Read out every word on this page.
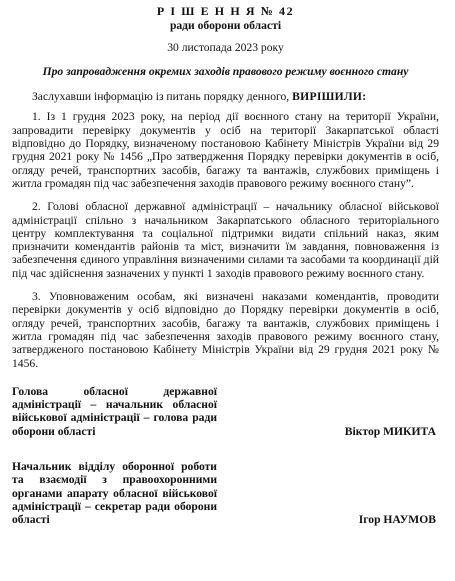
Р І Ш Е Н Н Я № 42
ради оборони області
30 листопада 2023 року
Про запровадження окремих заходів правового режиму воєнного стану
Заслухавши інформацію із питань порядку денного, ВИРІШИЛИ:
1. Із 1 грудня 2023 року, на період дії воєнного стану на території України, запровадити перевірку документів у осіб на території Закарпатської області відповідно до Порядку, визначеному постановою Кабінету Міністрів України від 29 грудня 2021 року № 1456 „Про затвердження Порядку перевірки документів в осіб, огляду речей, транспортних засобів, багажу та вантажів, службових приміщень і житла громадян під час забезпечення заходів правового режиму воєнного стану”.
2. Голові обласної державної адміністрації – начальнику обласної військової адміністрації спільно з начальником Закарпатського обласного територіального центру комплектування та соціальної підтримки видати спільний наказ, яким призначити комендантів районів та міст, визначити їм завдання, повноваження із забезпечення єдиного управління визначеними силами та засобами та координації дій під час здійснення зазначених у пункті 1 заходів правового режиму воєнного стану.
3. Уповноваженим особам, які визначені наказами комендантів, проводити перевірки документів у осіб відповідно до Порядку перевірки документів в осіб, огляду речей, транспортних засобів, багажу та вантажів, службових приміщень і житла громадян під час забезпечення заходів правового режиму воєнного стану, затвердженого постановою Кабінету Міністрів України від 29 грудня 2021 року № 1456.
Голова обласної державної адміністрації – начальник обласної військової адміністрації – голова ради оборони області	Віктор МИКИТА
Начальник відділу оборонної роботи та взаємодії з правоохоронними органами апарату обласної військової адміністрації – секретар ради оборони області	Ігор НАУМОВ
